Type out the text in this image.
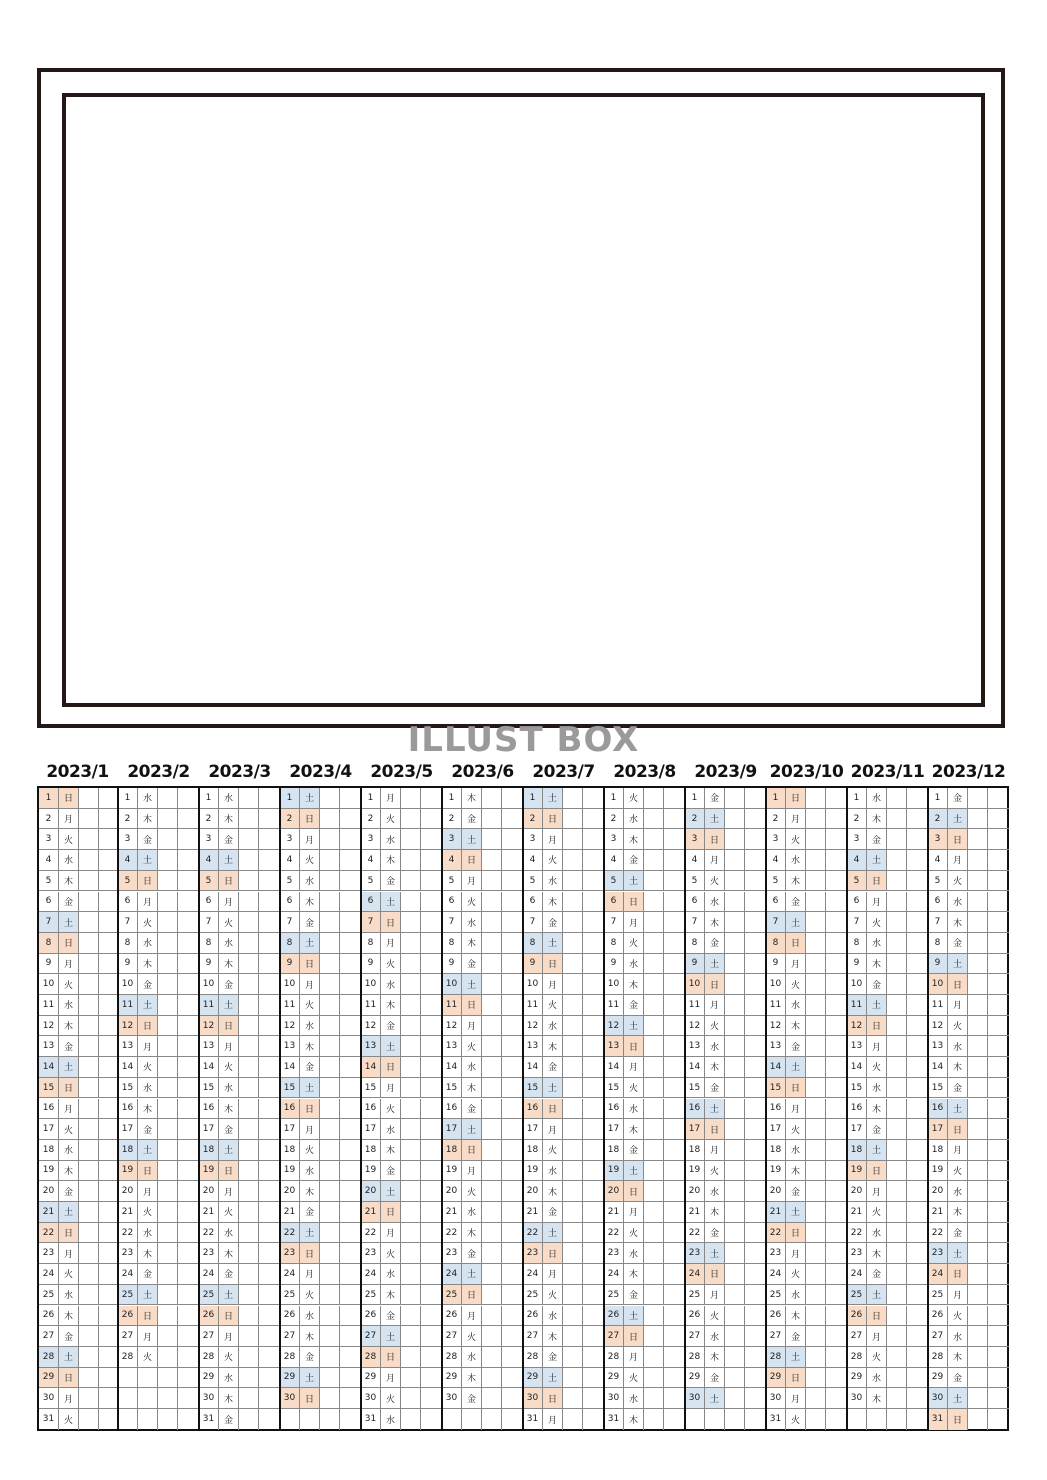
ILLUST BOX
2023/1
1	日
2	月
3	火
4	水
5	木
6	金
7	土
8	日
9	月
10	火
11	水
12	木
13	金
14	土
15	日
16	月
17	火
18	水
19	木
20	金
21	土
22	日
23	月
24	火
25	水
26	木
27	金
28	土
29	日
30	月
31	火
2023/2
1	水
2	木
3	金
4	土
5	日
6	月
7	火
8	水
9	木
10	金
11	土
12	日
13	月
14	火
15	水
16	木
17	金
18	土
19	日
20	月
21	火
22	水
23	木
24	金
25	土
26	日
27	月
28	火
2023/3
1	水
2	木
3	金
4	土
5	日
6	月
7	火
8	水
9	木
10	金
11	土
12	日
13	月
14	火
15	水
16	木
17	金
18	土
19	日
20	月
21	火
22	水
23	木
24	金
25	土
26	日
27	月
28	火
29	水
30	木
31	金
2023/4
1	土
2	日
3	月
4	火
5	水
6	木
7	金
8	土
9	日
10	月
11	火
12	水
13	木
14	金
15	土
16	日
17	月
18	火
19	水
20	木
21	金
22	土
23	日
24	月
25	火
26	水
27	木
28	金
29	土
30	日
2023/5
1	月
2	火
3	水
4	木
5	金
6	土
7	日
8	月
9	火
10	水
11	木
12	金
13	土
14	日
15	月
16	火
17	水
18	木
19	金
20	土
21	日
22	月
23	火
24	水
25	木
26	金
27	土
28	日
29	月
30	火
31	水
2023/6
1	木
2	金
3	土
4	日
5	月
6	火
7	水
8	木
9	金
10	土
11	日
12	月
13	火
14	水
15	木
16	金
17	土
18	日
19	月
20	火
21	水
22	木
23	金
24	土
25	日
26	月
27	火
28	水
29	木
30	金
2023/7
1	土
2	日
3	月
4	火
5	水
6	木
7	金
8	土
9	日
10	月
11	火
12	水
13	木
14	金
15	土
16	日
17	月
18	火
19	水
20	木
21	金
22	土
23	日
24	月
25	火
26	水
27	木
28	金
29	土
30	日
31	月
2023/8
1	火
2	水
3	木
4	金
5	土
6	日
7	月
8	火
9	水
10	木
11	金
12	土
13	日
14	月
15	火
16	水
17	木
18	金
19	土
20	日
21	月
22	火
23	水
24	木
25	金
26	土
27	日
28	月
29	火
30	水
31	木
2023/9
1	金
2	土
3	日
4	月
5	火
6	水
7	木
8	金
9	土
10	日
11	月
12	火
13	水
14	木
15	金
16	土
17	日
18	月
19	火
20	水
21	木
22	金
23	土
24	日
25	月
26	火
27	水
28	木
29	金
30	土
2023/10
1	日
2	月
3	火
4	水
5	木
6	金
7	土
8	日
9	月
10	火
11	水
12	木
13	金
14	土
15	日
16	月
17	火
18	水
19	木
20	金
21	土
22	日
23	月
24	火
25	水
26	木
27	金
28	土
29	日
30	月
31	火
2023/11
1	水
2	木
3	金
4	土
5	日
6	月
7	火
8	水
9	木
10	金
11	土
12	日
13	月
14	火
15	水
16	木
17	金
18	土
19	日
20	月
21	火
22	水
23	木
24	金
25	土
26	日
27	月
28	火
29	水
30	木
2023/12
1	金
2	土
3	日
4	月
5	火
6	水
7	木
8	金
9	土
10	日
11	月
12	火
13	水
14	木
15	金
16	土
17	日
18	月
19	火
20	水
21	木
22	金
23	土
24	日
25	月
26	火
27	水
28	木
29	金
30	土
31	日
